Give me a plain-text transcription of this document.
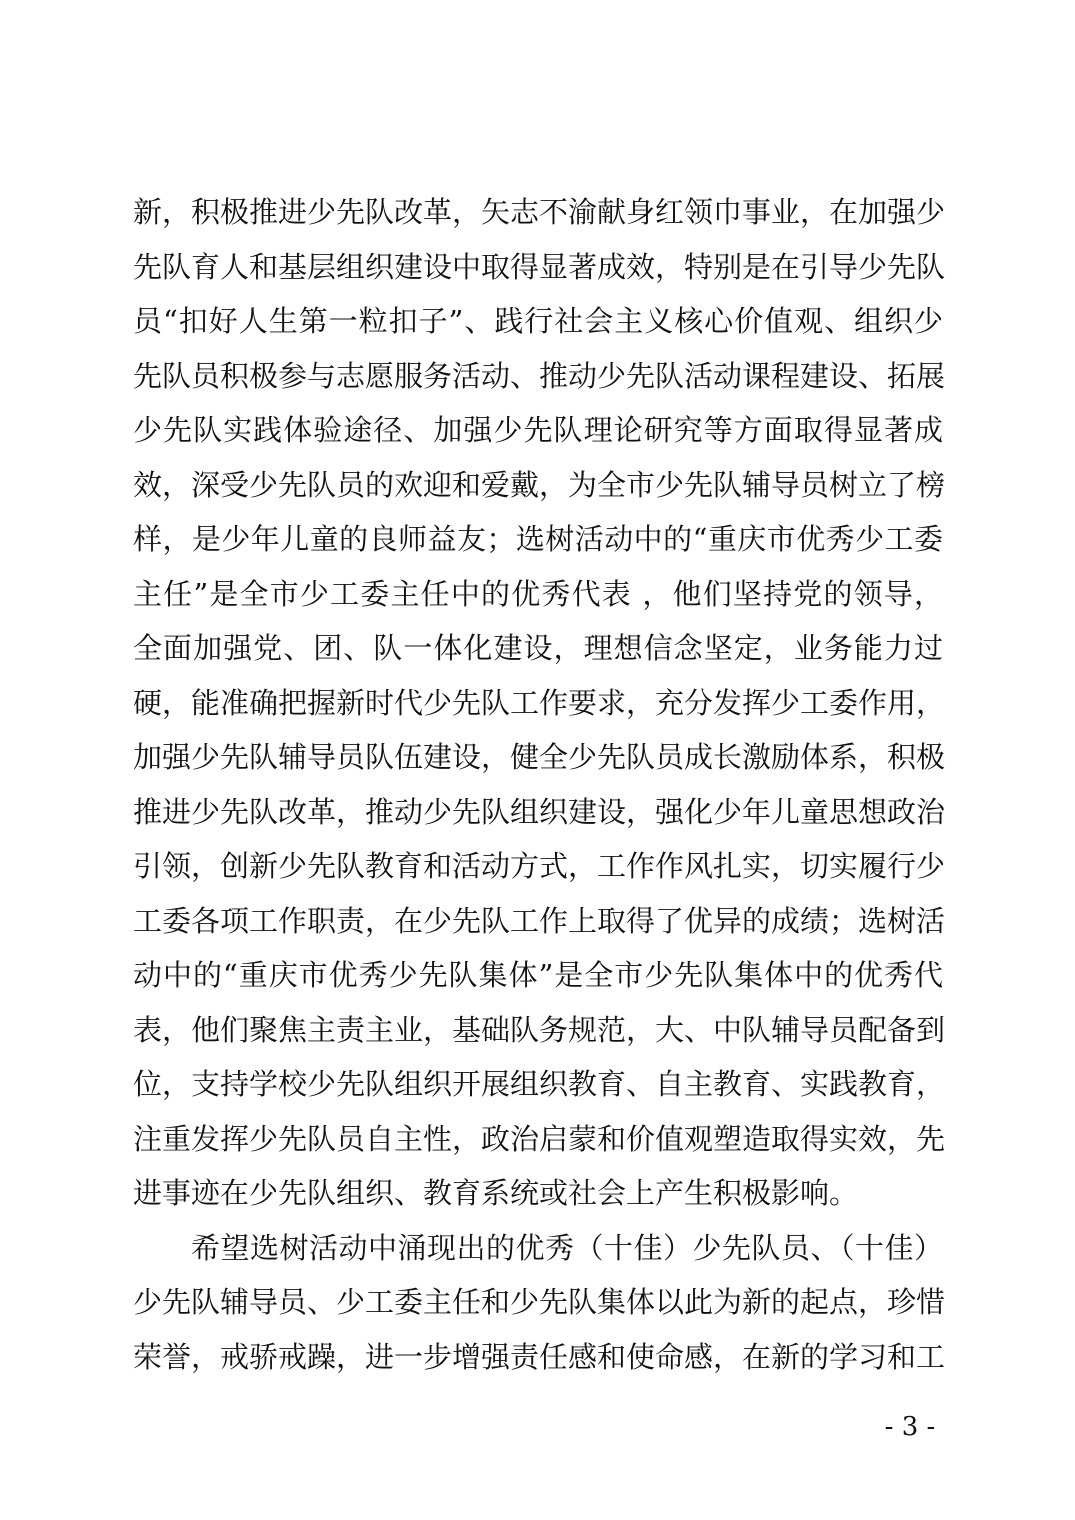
新，积极推进少先队改革，矢志不渝献身红领巾事业，在加强少
先队育人和基层组织建设中取得显著成效，特别是在引导少先队
员“扣好人生第一粒扣子”、践行社会主义核心价值观、组织少
先队员积极参与志愿服务活动、推动少先队活动课程建设、拓展
少先队实践体验途径、加强少先队理论研究等方面取得显著成
效，深受少先队员的欢迎和爱戴，为全市少先队辅导员树立了榜
样，是少年儿童的良师益友；选树活动中的“重庆市优秀少工委
主任”是全市少工委主任中的优秀代表 ，他们坚持党的领导，
全面加强党、团、队一体化建设，理想信念坚定，业务能力过
硬，能准确把握新时代少先队工作要求，充分发挥少工委作用，
加强少先队辅导员队伍建设，健全少先队员成长激励体系，积极
推进少先队改革，推动少先队组织建设，强化少年儿童思想政治
引领，创新少先队教育和活动方式，工作作风扎实，切实履行少
工委各项工作职责，在少先队工作上取得了优异的成绩；选树活
动中的“重庆市优秀少先队集体”是全市少先队集体中的优秀代
表，他们聚焦主责主业，基础队务规范，大、中队辅导员配备到
位，支持学校少先队组织开展组织教育、自主教育、实践教育，
注重发挥少先队员自主性，政治启蒙和价值观塑造取得实效，先
进事迹在少先队组织、教育系统或社会上产生积极影响。
希望选树活动中涌现出的优秀（十佳）少先队员、（十佳）
少先队辅导员、少工委主任和少先队集体以此为新的起点，珍惜
荣誉，戒骄戒躁，进一步增强责任感和使命感，在新的学习和工
- 3 -
